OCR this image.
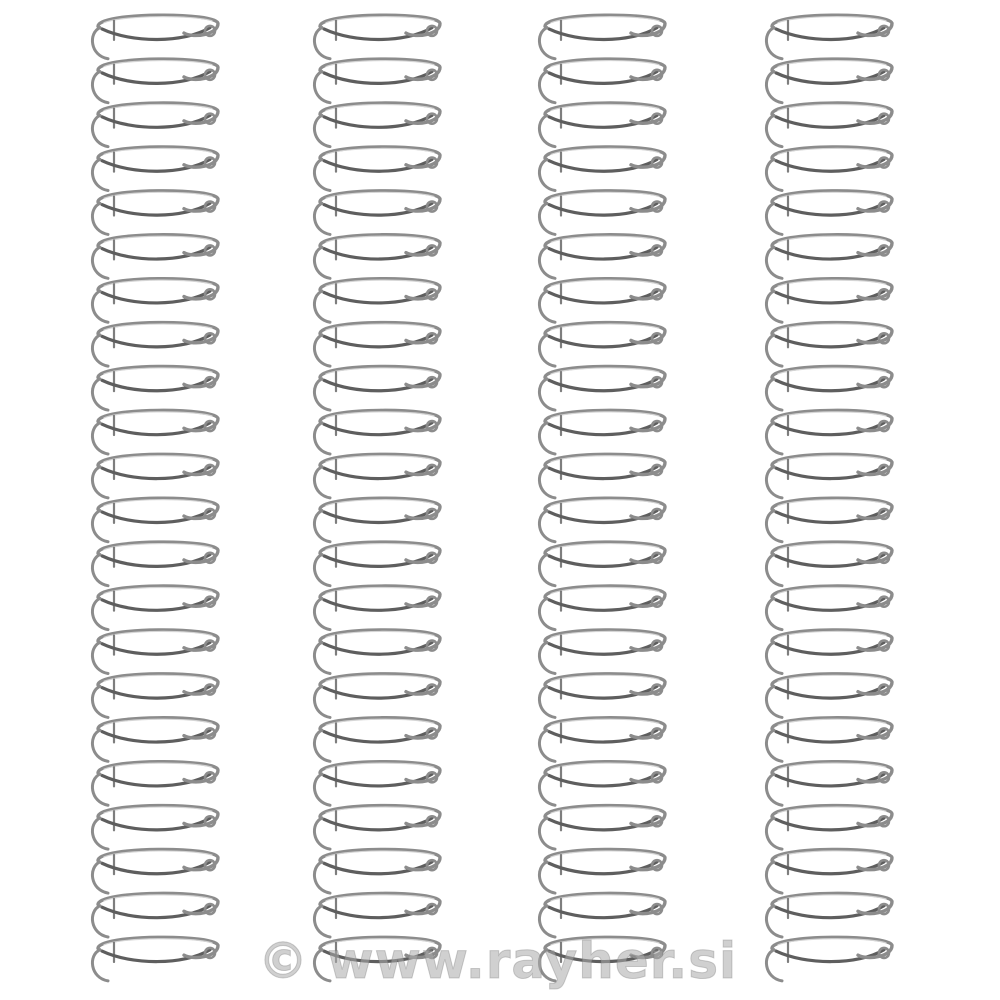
© www.rayher.si
